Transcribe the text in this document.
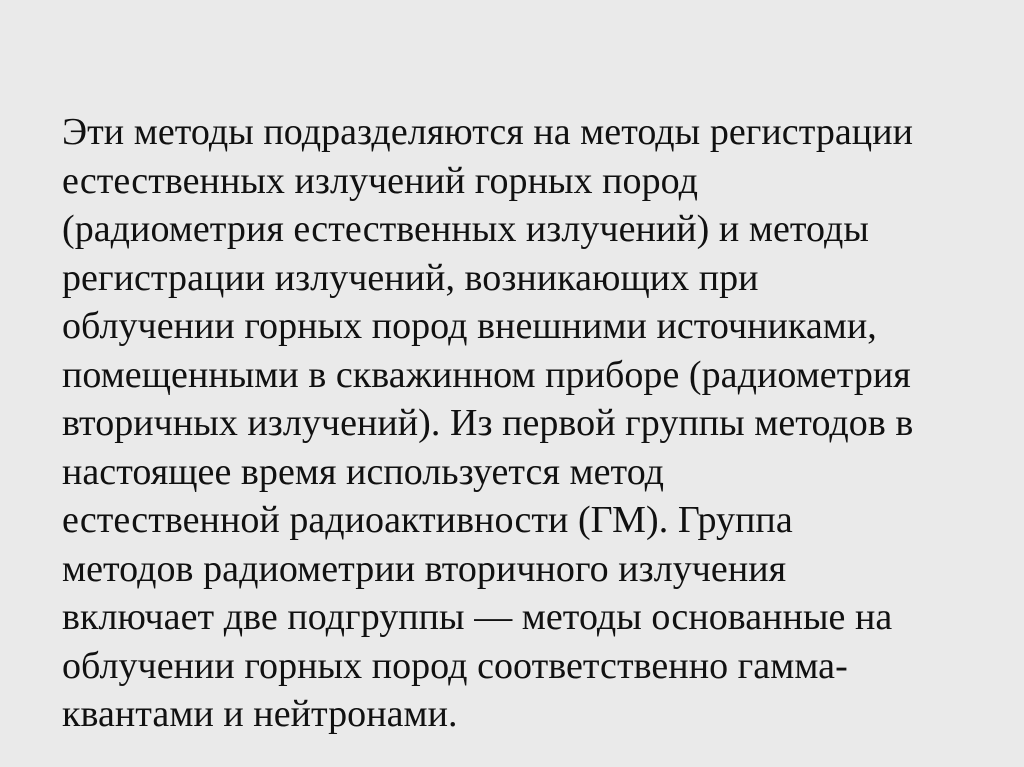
Эти методы подразделяются на методы регистрации
естественных излучений горных пород
(радиометрия естественных излучений) и методы
регистрации излучений, возникающих при
облучении горных пород внешними источниками,
помещенными в скважинном приборе (радиометрия
вторичных излучений). Из первой группы методов в
настоящее время используется метод
естественной радиоактивности (ГМ). Группа
методов радиометрии вторичного излучения
включает две подгруппы — методы основанные на
облучении горных пород соответственно гамма-
квантами и нейтронами.
